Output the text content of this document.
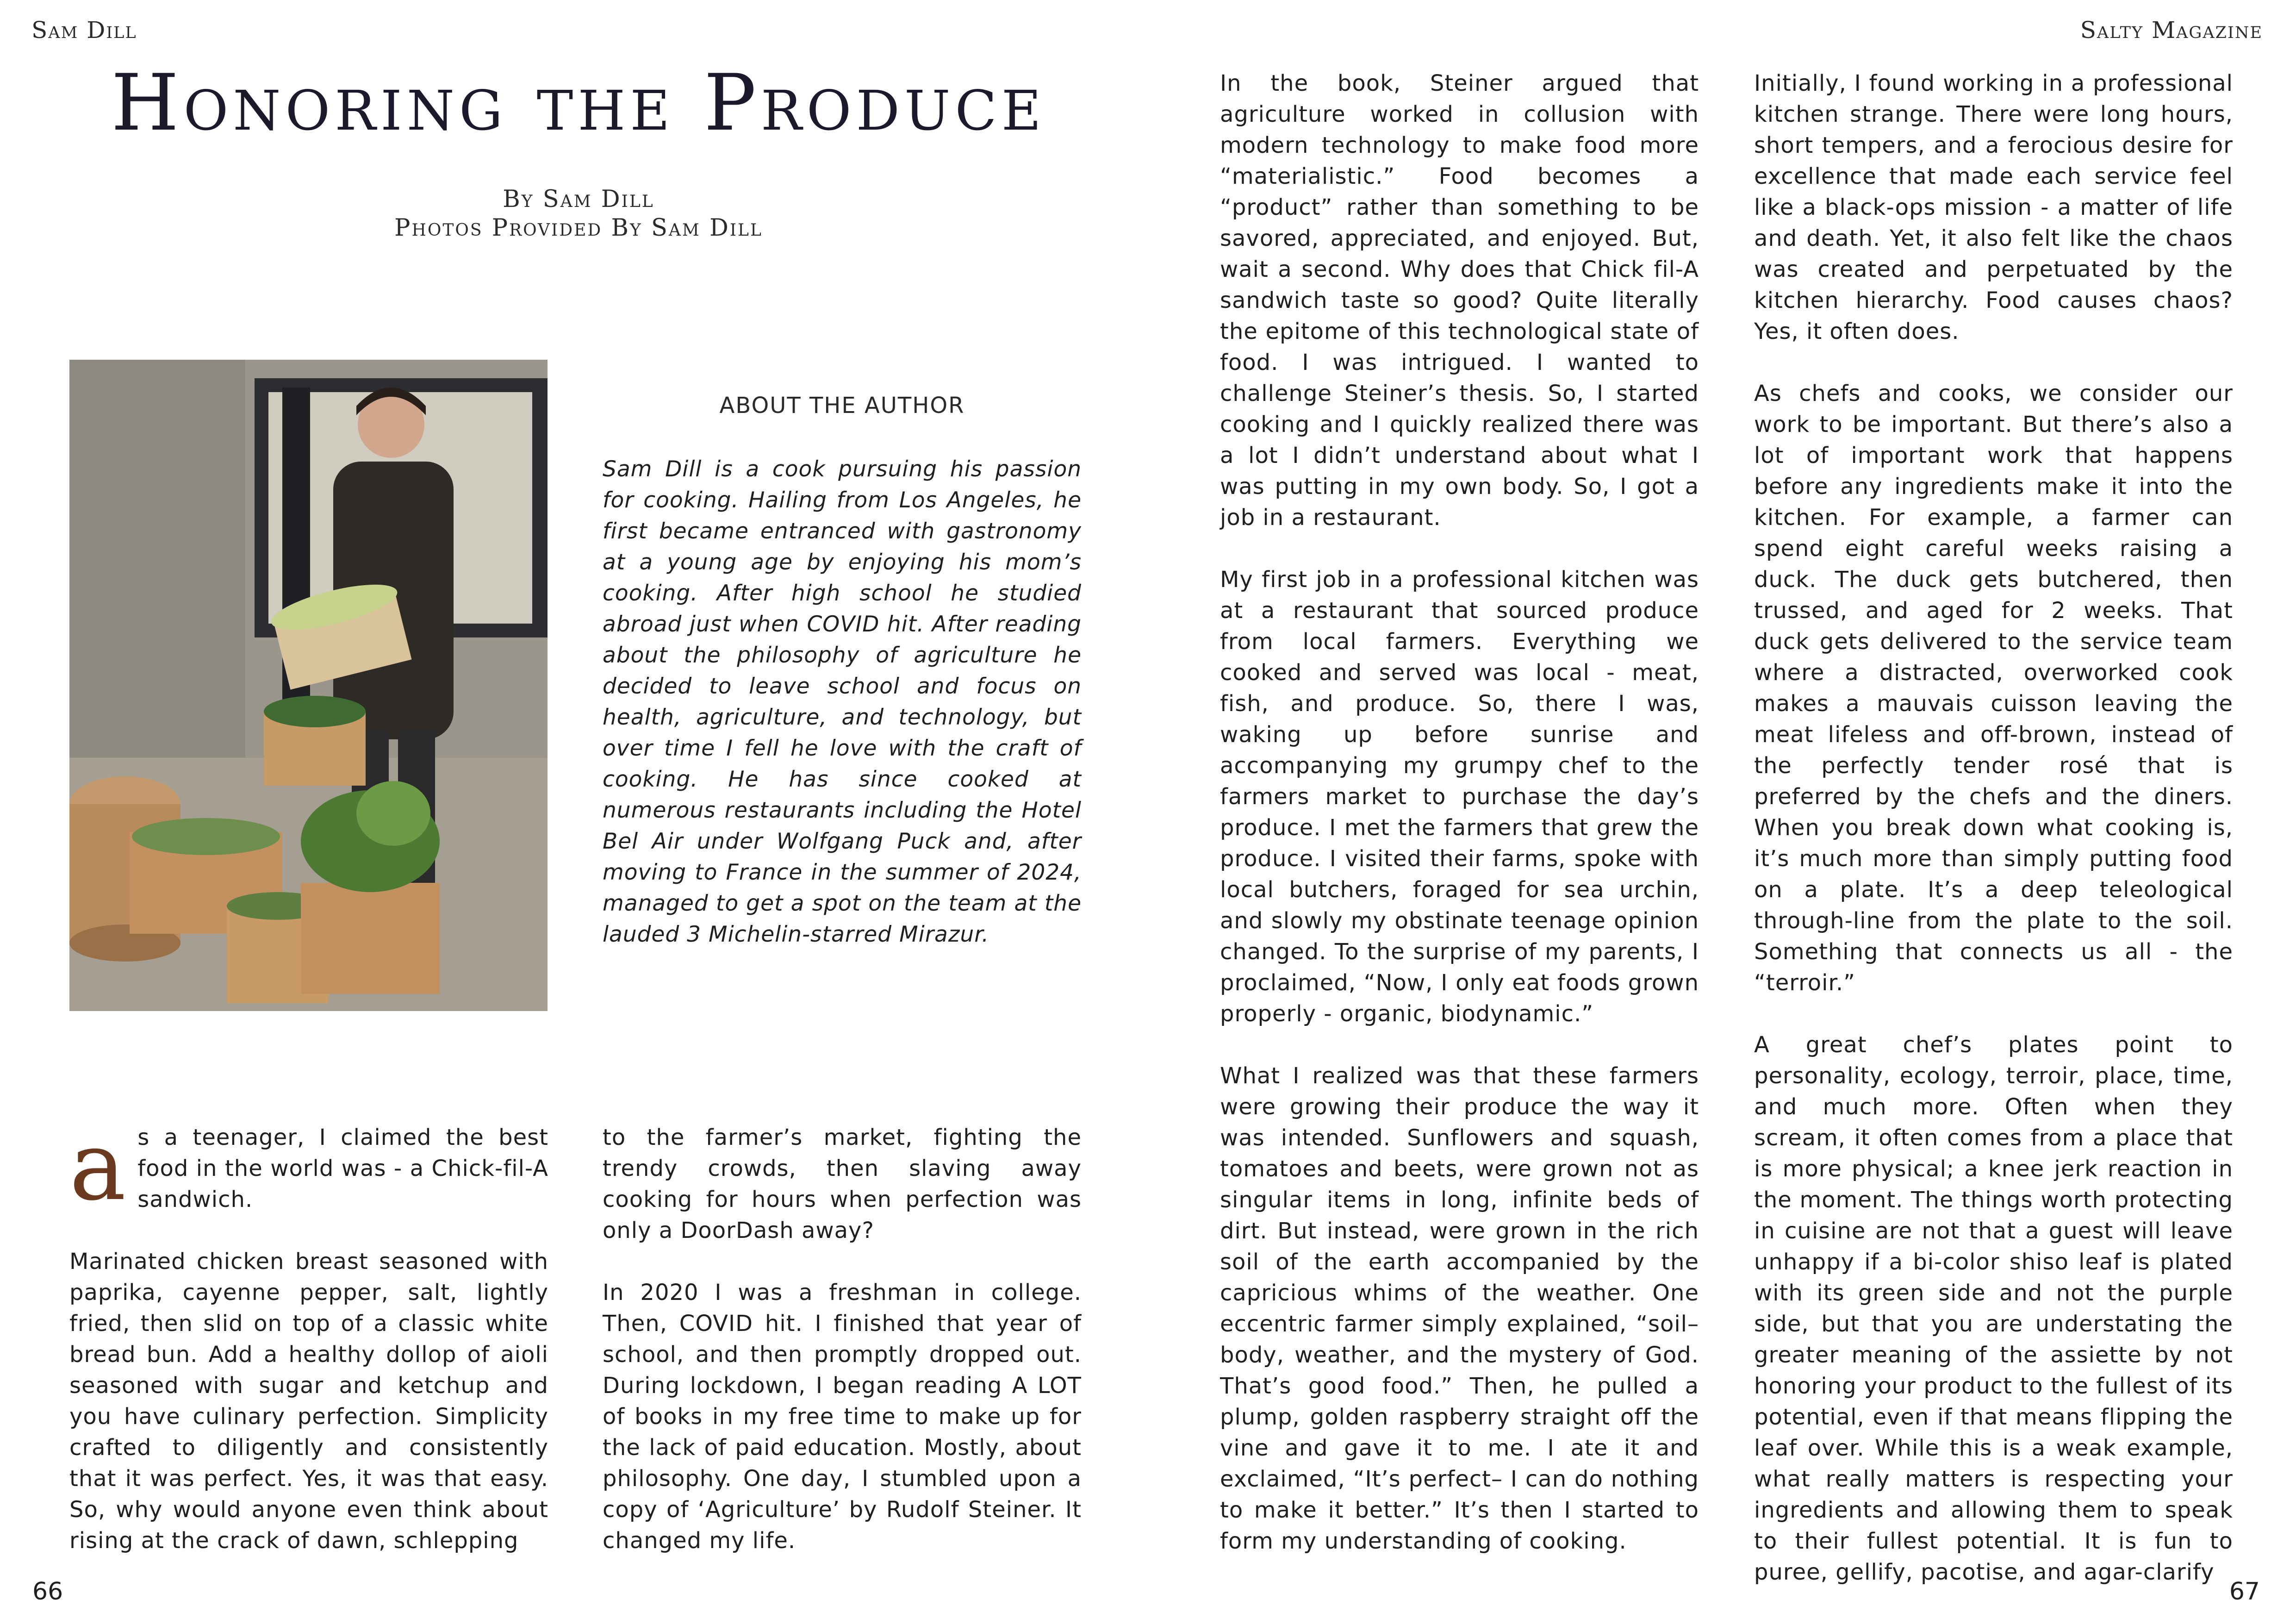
Sam Dill	Salty Magazine
Honoring the Produce
By Sam Dill
Photos Provided By Sam Dill
ABOUT THE AUTHOR

Sam Dill is a cook pursuing his passion for cooking. Hailing from Los Angeles, he first became entranced with gastronomy at a young age by enjoying his mom’s cooking. After high school he studied abroad just when COVID hit. After reading about the philosophy of agriculture he decided to leave school and focus on health, agriculture, and technology, but over time I fell he love with the craft of cooking. He has since cooked at numerous restaurants including the Hotel Bel Air under Wolfgang Puck and, after moving to France in the summer of 2024, managed to get a spot on the team at the lauded 3 Michelin-starred Mirazur.

as a teenager, I claimed the best food in the world was - a Chick-fil-A sandwich.

Marinated chicken breast seasoned with paprika, cayenne pepper, salt, lightly fried, then slid on top of a classic white bread bun. Add a healthy dollop of aioli seasoned with sugar and ketchup and you have culinary perfection. Simplicity crafted to diligently and consistently that it was perfect. Yes, it was that easy. So, why would anyone even think about rising at the crack of dawn, schlepping

to the farmer’s market, fighting the trendy crowds, then slaving away cooking for hours when perfection was only a DoorDash away?

In 2020 I was a freshman in college. Then, COVID hit. I finished that year of school, and then promptly dropped out. During lockdown, I began reading A LOT of books in my free time to make up for the lack of paid education. Mostly, about philosophy. One day, I stumbled upon a copy of ‘Agriculture’ by Rudolf Steiner. It changed my life.

In the book, Steiner argued that agriculture worked in collusion with modern technology to make food more “materialistic.” Food becomes a “product” rather than something to be savored, appreciated, and enjoyed. But, wait a second. Why does that Chick fil-A sandwich taste so good? Quite literally the epitome of this technological state of food. I was intrigued. I wanted to challenge Steiner’s thesis. So, I started cooking and I quickly realized there was a lot I didn’t understand about what I was putting in my own body. So, I got a job in a restaurant.

My first job in a professional kitchen was at a restaurant that sourced produce from local farmers. Everything we cooked and served was local - meat, fish, and produce. So, there I was, waking up before sunrise and accompanying my grumpy chef to the farmers market to purchase the day’s produce. I met the farmers that grew the produce. I visited their farms, spoke with local butchers, foraged for sea urchin, and slowly my obstinate teenage opinion changed. To the surprise of my parents, I proclaimed, “Now, I only eat foods grown properly - organic, biodynamic.”

What I realized was that these farmers were growing their produce the way it was intended. Sunflowers and squash, tomatoes and beets, were grown not as singular items in long, infinite beds of dirt. But instead, were grown in the rich soil of the earth accompanied by the capricious whims of the weather. One eccentric farmer simply explained, “soil– body, weather, and the mystery of God. That’s good food.” Then, he pulled a plump, golden raspberry straight off the vine and gave it to me. I ate it and exclaimed, “It’s perfect– I can do nothing to make it better.” It’s then I started to form my understanding of cooking.

Initially, I found working in a professional kitchen strange. There were long hours, short tempers, and a ferocious desire for excellence that made each service feel like a black-ops mission - a matter of life and death. Yet, it also felt like the chaos was created and perpetuated by the kitchen hierarchy. Food causes chaos? Yes, it often does.

As chefs and cooks, we consider our work to be important. But there’s also a lot of important work that happens before any ingredients make it into the kitchen. For example, a farmer can spend eight careful weeks raising a duck. The duck gets butchered, then trussed, and aged for 2 weeks. That duck gets delivered to the service team where a distracted, overworked cook makes a mauvais cuisson leaving the meat lifeless and off-brown, instead of the perfectly tender rosé that is preferred by the chefs and the diners. When you break down what cooking is, it’s much more than simply putting food on a plate. It’s a deep teleological through-line from the plate to the soil. Something that connects us all - the “terroir.”

A great chef’s plates point to personality, ecology, terroir, place, time, and much more. Often when they scream, it often comes from a place that is more physical; a knee jerk reaction in the moment. The things worth protecting in cuisine are not that a guest will leave unhappy if a bi-color shiso leaf is plated with its green side and not the purple side, but that you are understating the greater meaning of the assiette by not honoring your product to the fullest of its potential, even if that means flipping the leaf over. While this is a weak example, what really matters is respecting your ingredients and allowing them to speak to their fullest potential. It is fun to puree, gellify, pacotise, and agar-clarify

66	67
